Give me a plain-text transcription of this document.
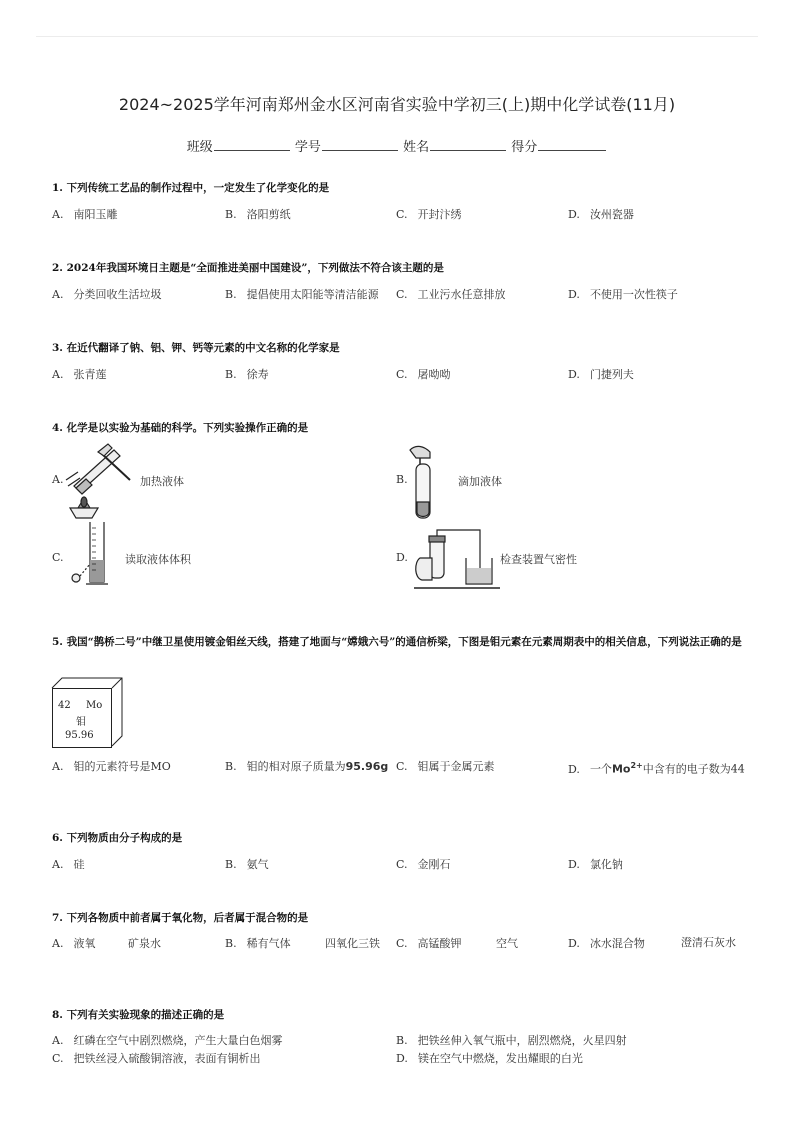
2024~2025学年河南郑州金水区河南省实验中学初三(上)期中化学试卷(11月)
班级	学号	姓名	得分
1. 下列传统工艺品的制作过程中，一定发生了化学变化的是
A. 南阳玉雕	B. 洛阳剪纸	C. 开封汴绣	D. 汝州瓷器
2. 2024年我国环境日主题是“全面推进美丽中国建设”，下列做法不符合该主题的是
A. 分类回收生活垃圾	B. 提倡使用太阳能等清洁能源 C. 工业污水任意排放	D. 不使用一次性筷子
3. 在近代翻译了钠、铝、钾、钙等元素的中文名称的化学家是
A. 张青莲	B. 徐寿	C. 屠呦呦	D. 门捷列夫
4. 化学是以实验为基础的科学。下列实验操作正确的是
A.	加热液体	B.	滴加液体
C.	读取液体体积	D.	检查装置气密性
5. 我国“鹊桥二号”中继卫星使用镀金钼丝天线，搭建了地面与“嫦娥六号”的通信桥梁，下图是钼元素在元素周期表中的相关信息，下列说法正确的是
42 Mo
钼
95.96
A. 钼的元素符号是MO	B. 钼的相对原子质量为95.96g C. 钼属于金属元素	D. 一个$Mo^{2+}$中含有的电子数为44
6. 下列物质由分子构成的是
A. 硅	B. 氨气	C. 金刚石	D. 氯化钠
7. 下列各物质中前者属于氧化物，后者属于混合物的是
A. 液氧	矿泉水	B. 稀有气体	四氧化三铁 C. 高锰酸钾	空气	D. 冰水混合物	澄清石灰水
8. 下列有关实验现象的描述正确的是
A. 红磷在空气中剧烈燃烧，产生大量白色烟雾	B. 把铁丝伸入氧气瓶中，剧烈燃烧，火星四射
C. 把铁丝浸入硫酸铜溶液，表面有铜析出	D. 镁在空气中燃烧，发出耀眼的白光
